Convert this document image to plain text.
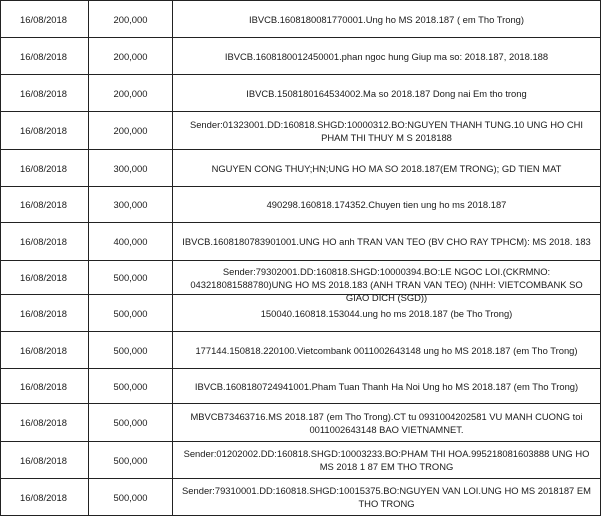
16/08/2018	200,000	IBVCB.1608180081770001.Ung ho MS 2018.187 ( em Tho Trong)
16/08/2018	200,000	IBVCB.1608180012450001.phan ngoc hung Giup ma so: 2018.187, 2018.188
16/08/2018	200,000	IBVCB.1508180164534002.Ma so 2018.187 Dong nai Em tho trong
16/08/2018	200,000	Sender:01323001.DD:160818.SHGD:10000312.BO:NGUYEN THANH TUNG.10 UNG HO CHI PHAM THI THUY M S 2018188
16/08/2018	300,000	NGUYEN CONG THUY;HN;UNG HO MA SO 2018.187(EM TRONG); GD TIEN MAT
16/08/2018	300,000	490298.160818.174352.Chuyen tien ung ho ms 2018.187
16/08/2018	400,000	IBVCB.1608180783901001.UNG HO anh TRAN VAN TEO (BV CHO RAY TPHCM): MS 2018. 183
16/08/2018	500,000	Sender:79302001.DD:160818.SHGD:10000394.BO:LE NGOC LOI.(CKRMNO: 043218081588780)UNG HO MS 2018.183 (ANH TRAN VAN TEO) (NHH: VIETCOMBANK SO GIAO DICH (SGD))

16/08/2018	500,000	150040.160818.153044.ung ho ms 2018.187 (be Tho Trong)
16/08/2018	500,000	177144.150818.220100.Vietcombank 0011002643148 ung ho MS 2018.187 (em Tho Trong)
16/08/2018	500,000	IBVCB.1608180724941001.Pham Tuan Thanh Ha Noi Ung ho MS 2018.187 (em Tho Trong)
16/08/2018	500,000	MBVCB73463716.MS 2018.187 (em Tho Trong).CT tu 0931004202581 VU MANH CUONG toi 0011002643148 BAO VIETNAMNET.
16/08/2018	500,000	Sender:01202002.DD:160818.SHGD:10003233.BO:PHAM THI HOA.995218081603888 UNG HO MS 2018 1 87 EM THO TRONG
16/08/2018	500,000	Sender:79310001.DD:160818.SHGD:10015375.BO:NGUYEN VAN LOI.UNG HO MS 2018187 EM THO TRONG
